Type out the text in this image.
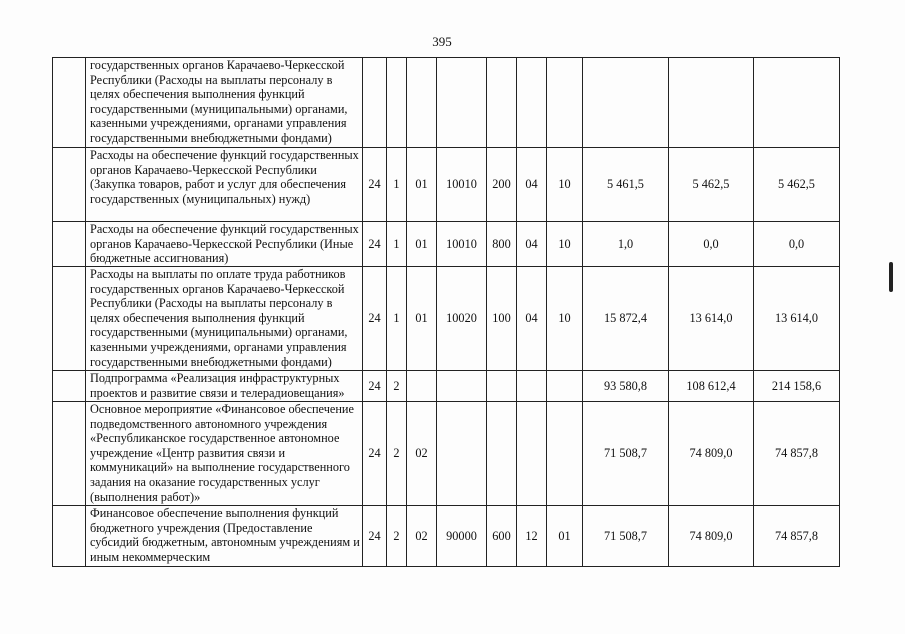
395
	государственных органов Карачаево-Черкесской Республики (Расходы на выплаты персоналу в целях обеспечения выполнения функций государственными (муниципальными) органами, казенными учреждениями, органами управления государственными внебюджетными фондами)										
	Расходы на обеспечение функций государственных органов Карачаево-Черкесской Республики (Закупка товаров, работ и услуг для обеспечения государственных (муниципальных) нужд)	24	1	01	10010	200	04	10	5 461,5	5 462,5	5 462,5
	Расходы на обеспечение функций государственных органов Карачаево-Черкесской Республики (Иные бюджетные ассигнования)	24	1	01	10010	800	04	10	1,0	0,0	0,0
	Расходы на выплаты по оплате труда работников государственных органов Карачаево-Черкесской Республики (Расходы на выплаты персоналу в целях обеспечения выполнения функций государственными (муниципальными) органами, казенными учреждениями, органами управления государственными внебюджетными фондами)	24	1	01	10020	100	04	10	15 872,4	13 614,0	13 614,0
	Подпрограмма «Реализация инфраструктурных проектов и развитие связи и телерадиовещания»	24	2						93 580,8	108 612,4	214 158,6
	Основное мероприятие «Финансовое обеспечение подведомственного автономного учреждения «Республиканское государственное автономное учреждение «Центр развития связи и коммуникаций» на выполнение государственного задания на оказание государственных услуг (выполнения работ)»	24	2	02					71 508,7	74 809,0	74 857,8
	Финансовое обеспечение выполнения функций бюджетного учреждения (Предоставление субсидий бюджетным, автономным учреждениям и иным некоммерческим	24	2	02	90000	600	12	01	71 508,7	74 809,0	74 857,8
